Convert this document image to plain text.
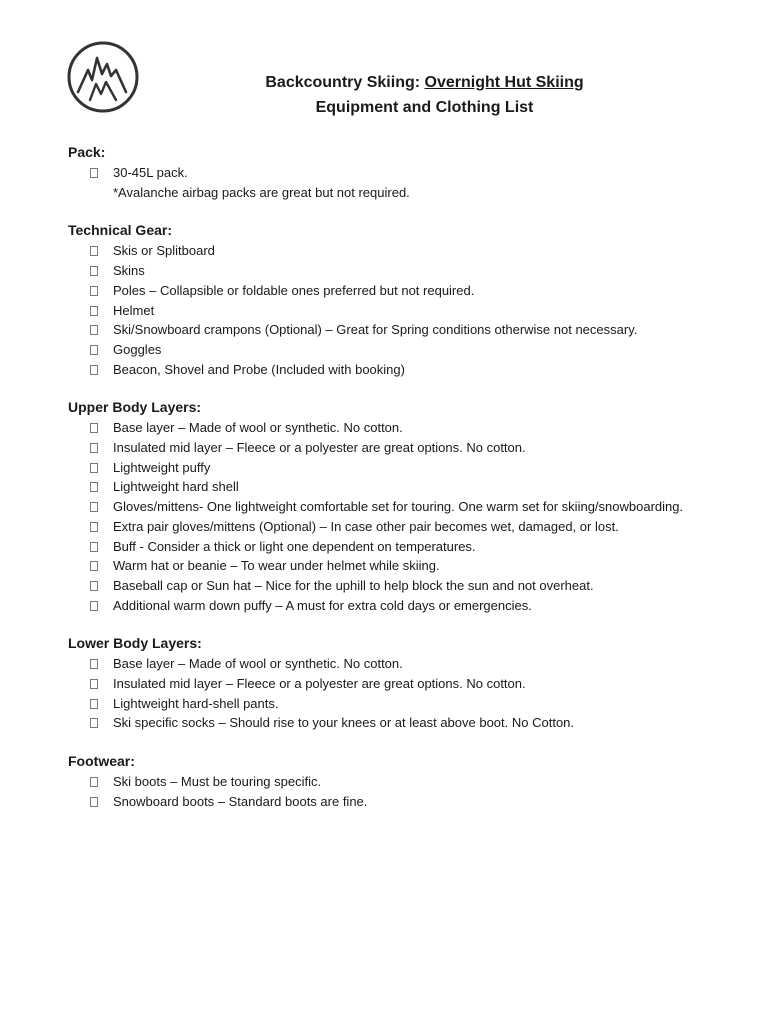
Backcountry Skiing: Overnight Hut Skiing
Equipment and Clothing List
Pack:
30-45L pack.
*Avalanche airbag packs are great but not required.
Technical Gear:
Skis or Splitboard
Skins
Poles – Collapsible or foldable ones preferred but not required.
Helmet
Ski/Snowboard crampons (Optional) – Great for Spring conditions otherwise not necessary.
Goggles
Beacon, Shovel and Probe (Included with booking)
Upper Body Layers:
Base layer – Made of wool or synthetic. No cotton.
Insulated mid layer – Fleece or a polyester are great options. No cotton.
Lightweight puffy
Lightweight hard shell
Gloves/mittens- One lightweight comfortable set for touring. One warm set for skiing/snowboarding.
Extra pair gloves/mittens (Optional) – In case other pair becomes wet, damaged, or lost.
Buff - Consider a thick or light one dependent on temperatures.
Warm hat or beanie – To wear under helmet while skiing.
Baseball cap or Sun hat – Nice for the uphill to help block the sun and not overheat.
Additional warm down puffy – A must for extra cold days or emergencies.
Lower Body Layers:
Base layer – Made of wool or synthetic. No cotton.
Insulated mid layer – Fleece or a polyester are great options. No cotton.
Lightweight hard-shell pants.
Ski specific socks – Should rise to your knees or at least above boot. No Cotton.
Footwear:
Ski boots – Must be touring specific.
Snowboard boots – Standard boots are fine.
